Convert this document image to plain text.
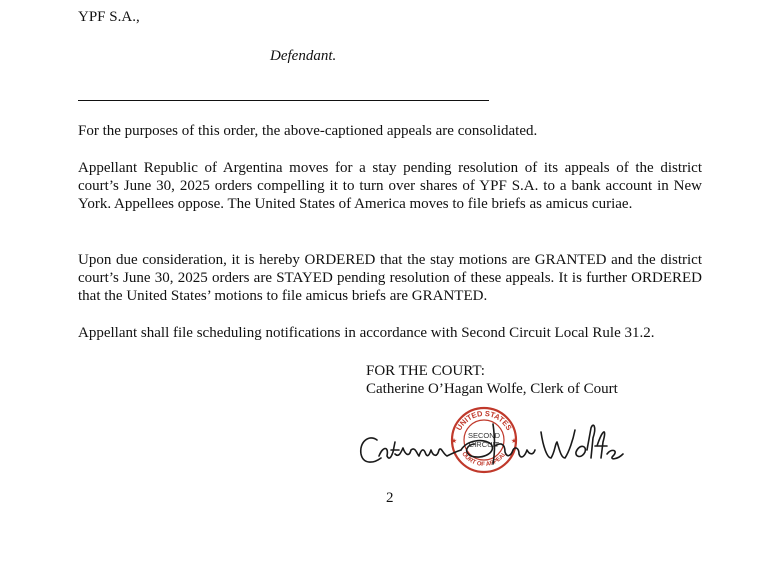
YPF S.A.,
Defendant.

For the purposes of this order, the above-captioned appeals are consolidated.

Appellant Republic of Argentina moves for a stay pending resolution of its appeals of the district court’s June 30, 2025 orders compelling it to turn over shares of YPF S.A. to a bank account in New York. Appellees oppose. The United States of America moves to file briefs as amicus curiae.

Upon due consideration, it is hereby ORDERED that the stay motions are GRANTED and the district court’s June 30, 2025 orders are STAYED pending resolution of these appeals. It is further ORDERED that the United States’ motions to file amicus briefs are GRANTED.

Appellant shall file scheduling notifications in accordance with Second Circuit Local Rule 31.2.

FOR THE COURT:
Catherine O’Hagan Wolfe, Clerk of Court
UNITED STATES
OURT OF APPEAL
SECOND
CIRCUIT
★	★
2
